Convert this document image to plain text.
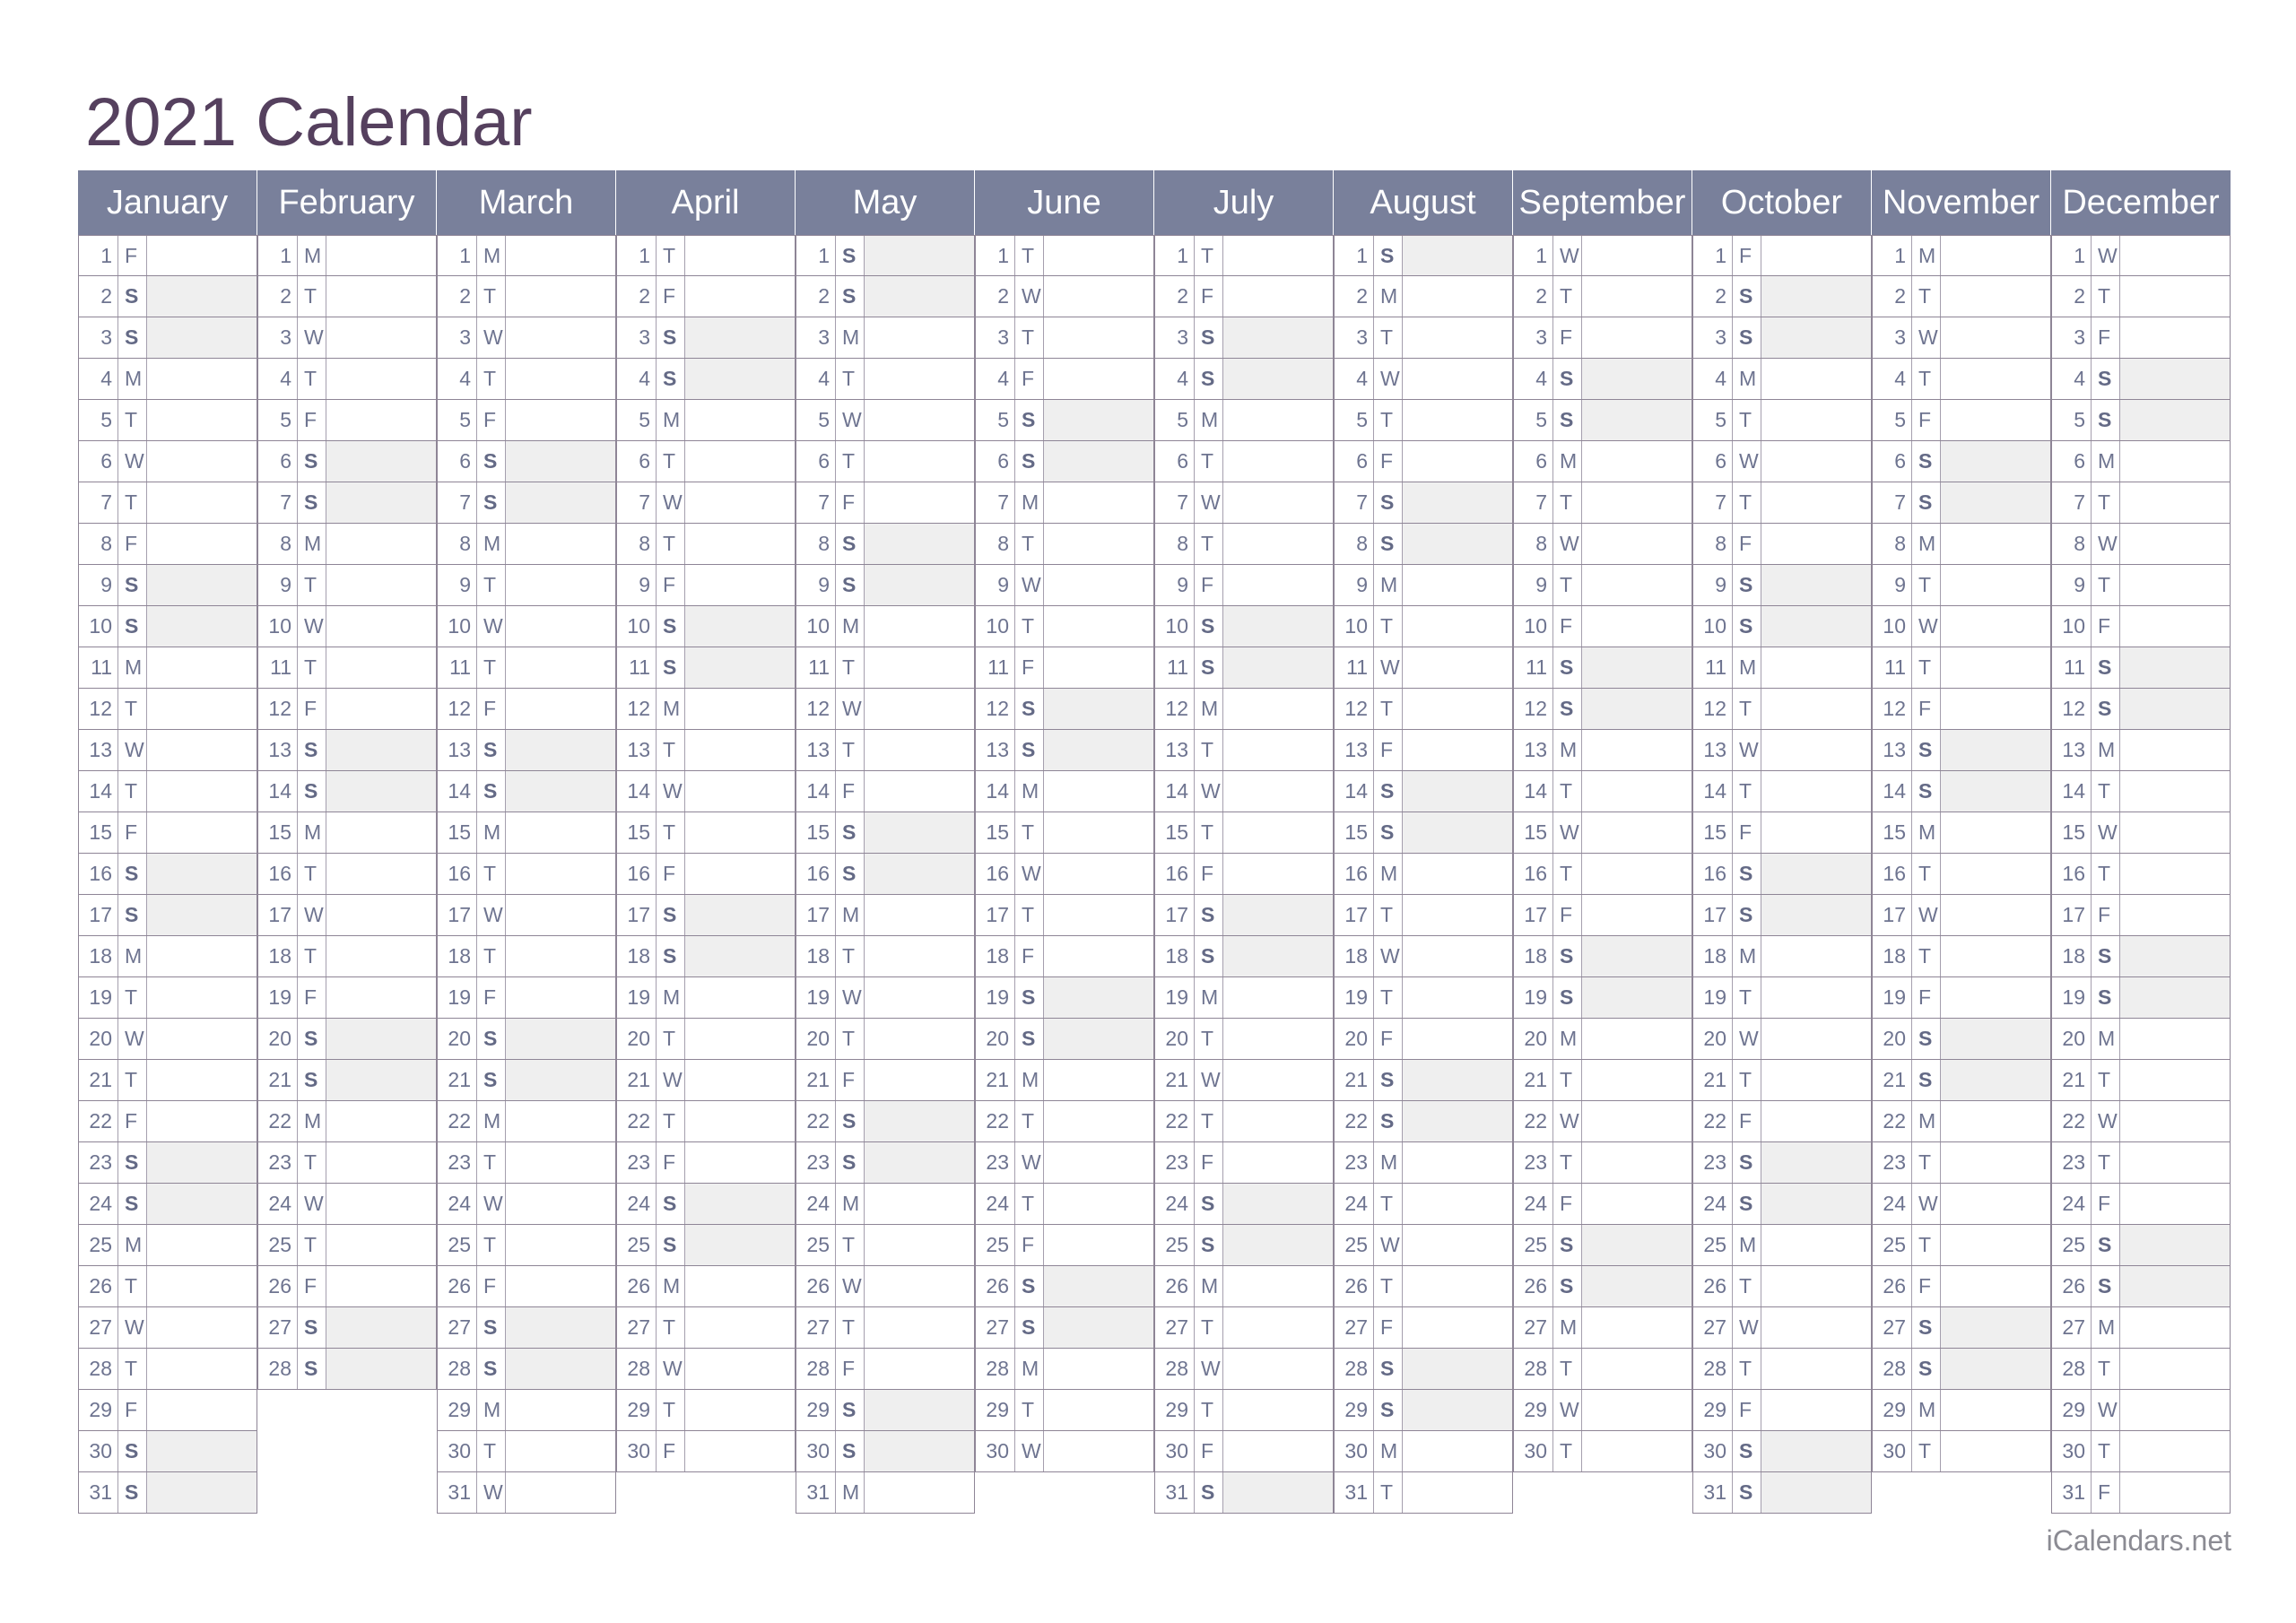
2021 Calendar
January
1 F
2 S
3 S
4 M
5 T
6 W
7 T
8 F
9 S
10 S
11 M
12 T
13 W
14 T
15 F
16 S
17 S
18 M
19 T
20 W
21 T
22 F
23 S
24 S
25 M
26 T
27 W
28 T
29 F
30 S
31 S
February
1 M
2 T
3 W
4 T
5 F
6 S
7 S
8 M
9 T
10 W
11 T
12 F
13 S
14 S
15 M
16 T
17 W
18 T
19 F
20 S
21 S
22 M
23 T
24 W
25 T
26 F
27 S
28 S
March
1 M
2 T
3 W
4 T
5 F
6 S
7 S
8 M
9 T
10 W
11 T
12 F
13 S
14 S
15 M
16 T
17 W
18 T
19 F
20 S
21 S
22 M
23 T
24 W
25 T
26 F
27 S
28 S
29 M
30 T
31 W
April
1 T
2 F
3 S
4 S
5 M
6 T
7 W
8 T
9 F
10 S
11 S
12 M
13 T
14 W
15 T
16 F
17 S
18 S
19 M
20 T
21 W
22 T
23 F
24 S
25 S
26 M
27 T
28 W
29 T
30 F
May
1 S
2 S
3 M
4 T
5 W
6 T
7 F
8 S
9 S
10 M
11 T
12 W
13 T
14 F
15 S
16 S
17 M
18 T
19 W
20 T
21 F
22 S
23 S
24 M
25 T
26 W
27 T
28 F
29 S
30 S
31 M
June
1 T
2 W
3 T
4 F
5 S
6 S
7 M
8 T
9 W
10 T
11 F
12 S
13 S
14 M
15 T
16 W
17 T
18 F
19 S
20 S
21 M
22 T
23 W
24 T
25 F
26 S
27 S
28 M
29 T
30 W
July
1 T
2 F
3 S
4 S
5 M
6 T
7 W
8 T
9 F
10 S
11 S
12 M
13 T
14 W
15 T
16 F
17 S
18 S
19 M
20 T
21 W
22 T
23 F
24 S
25 S
26 M
27 T
28 W
29 T
30 F
31 S
August
1 S
2 M
3 T
4 W
5 T
6 F
7 S
8 S
9 M
10 T
11 W
12 T
13 F
14 S
15 S
16 M
17 T
18 W
19 T
20 F
21 S
22 S
23 M
24 T
25 W
26 T
27 F
28 S
29 S
30 M
31 T
September
1 W
2 T
3 F
4 S
5 S
6 M
7 T
8 W
9 T
10 F
11 S
12 S
13 M
14 T
15 W
16 T
17 F
18 S
19 S
20 M
21 T
22 W
23 T
24 F
25 S
26 S
27 M
28 T
29 W
30 T
October
1 F
2 S
3 S
4 M
5 T
6 W
7 T
8 F
9 S
10 S
11 M
12 T
13 W
14 T
15 F
16 S
17 S
18 M
19 T
20 W
21 T
22 F
23 S
24 S
25 M
26 T
27 W
28 T
29 F
30 S
31 S
November
1 M
2 T
3 W
4 T
5 F
6 S
7 S
8 M
9 T
10 W
11 T
12 F
13 S
14 S
15 M
16 T
17 W
18 T
19 F
20 S
21 S
22 M
23 T
24 W
25 T
26 F
27 S
28 S
29 M
30 T
December
1 W
2 T
3 F
4 S
5 S
6 M
7 T
8 W
9 T
10 F
11 S
12 S
13 M
14 T
15 W
16 T
17 F
18 S
19 S
20 M
21 T
22 W
23 T
24 F
25 S
26 S
27 M
28 T
29 W
30 T
31 F
iCalendars.net
